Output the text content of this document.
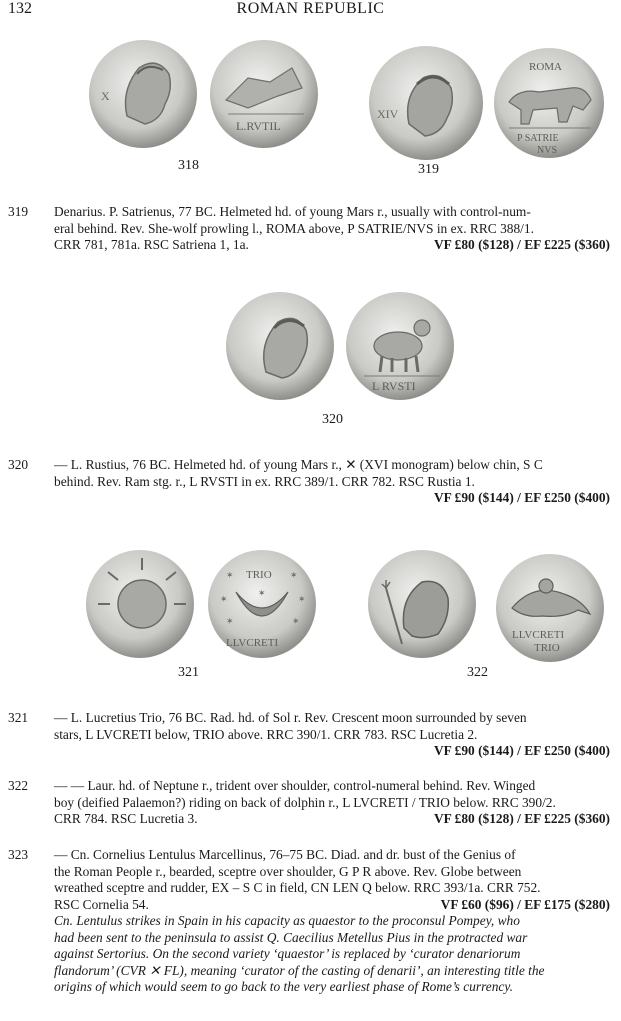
132	ROMAN REPUBLIC
X
L.RVTIL
XIV
ROMA
P SATRIE
NVS
318	319
319 Denarius. P. Satrienus, 77 BC. Helmeted hd. of young Mars r., usually with control-num-
eral behind. Rev. She-wolf prowling l., ROMA above, P SATRIE/NVS in ex. RRC 388/1.
VF £80 ($128) / EF £225 ($360)
CRR 781, 781a. RSC Satriena 1, 1a.
L RVSTI
320
320 — L. Rustius, 76 BC. Helmeted hd. of young Mars r., ✕ (XVI monogram) below chin, S C
behind. Rev. Ram stg. r., L RVSTI in ex. RRC 389/1. CRR 782. RSC Rustia 1.
VF £90 ($144) / EF £250 ($400)
TRIO
✶	✶
✶	✶
✶	✶
✶
LLVCRETI
321
LLVCRETI
TRIO
322
321 — L. Lucretius Trio, 76 BC. Rad. hd. of Sol r. Rev. Crescent moon surrounded by seven
stars, L LVCRETI below, TRIO above. RRC 390/1. CRR 783. RSC Lucretia 2.
VF £90 ($144) / EF £250 ($400)
322 — — Laur. hd. of Neptune r., trident over shoulder, control-numeral behind. Rev. Winged
boy (deified Palaemon?) riding on back of dolphin r., L LVCRETI / TRIO below. RRC 390/2.
VF £80 ($128) / EF £225 ($360)
CRR 784. RSC Lucretia 3.
323 — Cn. Cornelius Lentulus Marcellinus, 76–75 BC. Diad. and dr. bust of the Genius of
the Roman People r., bearded, sceptre over shoulder, G P R above. Rev. Globe between
wreathed sceptre and rudder, EX – S C in field, CN LEN Q below. RRC 393/1a. CRR 752.
VF £60 ($96) / EF £175 ($280)
RSC Cornelia 54.
Cn. Lentulus strikes in Spain in his capacity as quaestor to the proconsul Pompey, who
had been sent to the peninsula to assist Q. Caecilius Metellus Pius in the protracted war
against Sertorius. On the second variety ‘quaestor’ is replaced by ‘curator denariorum
flandorum’ (CVR ✕ FL), meaning ‘curator of the casting of denarii’, an interesting title the
origins of which would seem to go back to the very earliest phase of Rome’s currency.
